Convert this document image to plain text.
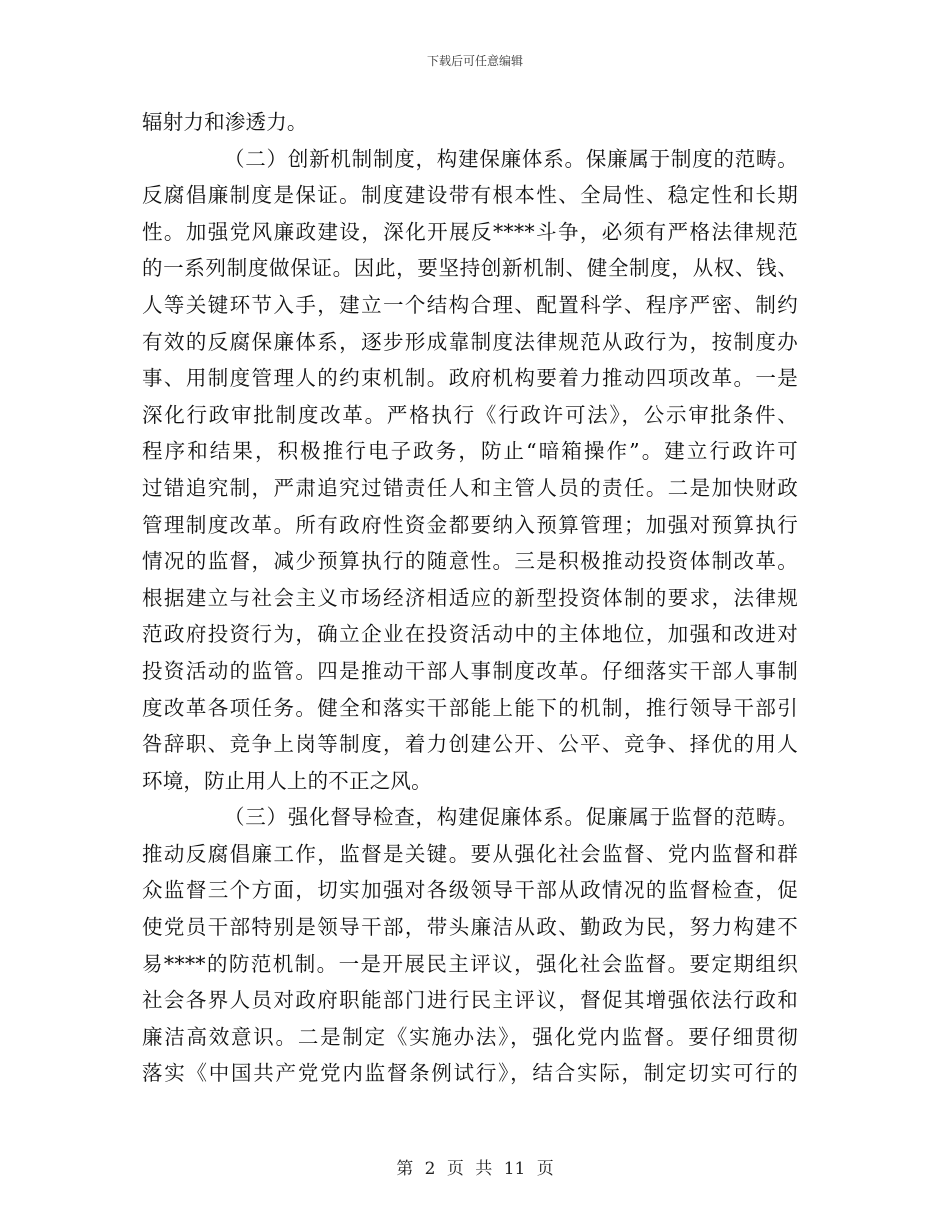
下载后可任意编辑
辐射力和渗透力。
（二）创新机制制度，构建保廉体系。保廉属于制度的范畴。
反腐倡廉制度是保证。制度建设带有根本性、全局性、稳定性和长期
性。加强党风廉政建设，深化开展反****斗争，必须有严格法律规范
的一系列制度做保证。因此，要坚持创新机制、健全制度，从权、钱、
人等关键环节入手，建立一个结构合理、配置科学、程序严密、制约
有效的反腐保廉体系，逐步形成靠制度法律规范从政行为，按制度办
事、用制度管理人的约束机制。政府机构要着力推动四项改革。一是
深化行政审批制度改革。严格执行《行政许可法》，公示审批条件、
程序和结果，积极推行电子政务，防止“暗箱操作”。建立行政许可
过错追究制，严肃追究过错责任人和主管人员的责任。二是加快财政
管理制度改革。所有政府性资金都要纳入预算管理；加强对预算执行
情况的监督，减少预算执行的随意性。三是积极推动投资体制改革。
根据建立与社会主义市场经济相适应的新型投资体制的要求，法律规
范政府投资行为，确立企业在投资活动中的主体地位，加强和改进对
投资活动的监管。四是推动干部人事制度改革。仔细落实干部人事制
度改革各项任务。健全和落实干部能上能下的机制，推行领导干部引
咎辞职、竞争上岗等制度，着力创建公开、公平、竞争、择优的用人
环境，防止用人上的不正之风。
（三）强化督导检查，构建促廉体系。促廉属于监督的范畴。
推动反腐倡廉工作，监督是关键。要从强化社会监督、党内监督和群
众监督三个方面，切实加强对各级领导干部从政情况的监督检查，促
使党员干部特别是领导干部，带头廉洁从政、勤政为民，努力构建不
易****的防范机制。一是开展民主评议，强化社会监督。要定期组织
社会各界人员对政府职能部门进行民主评议，督促其增强依法行政和
廉洁高效意识。二是制定《实施办法》，强化党内监督。要仔细贯彻
落实《中国共产党党内监督条例试行》，结合实际，制定切实可行的
第 2 页 共 11 页
